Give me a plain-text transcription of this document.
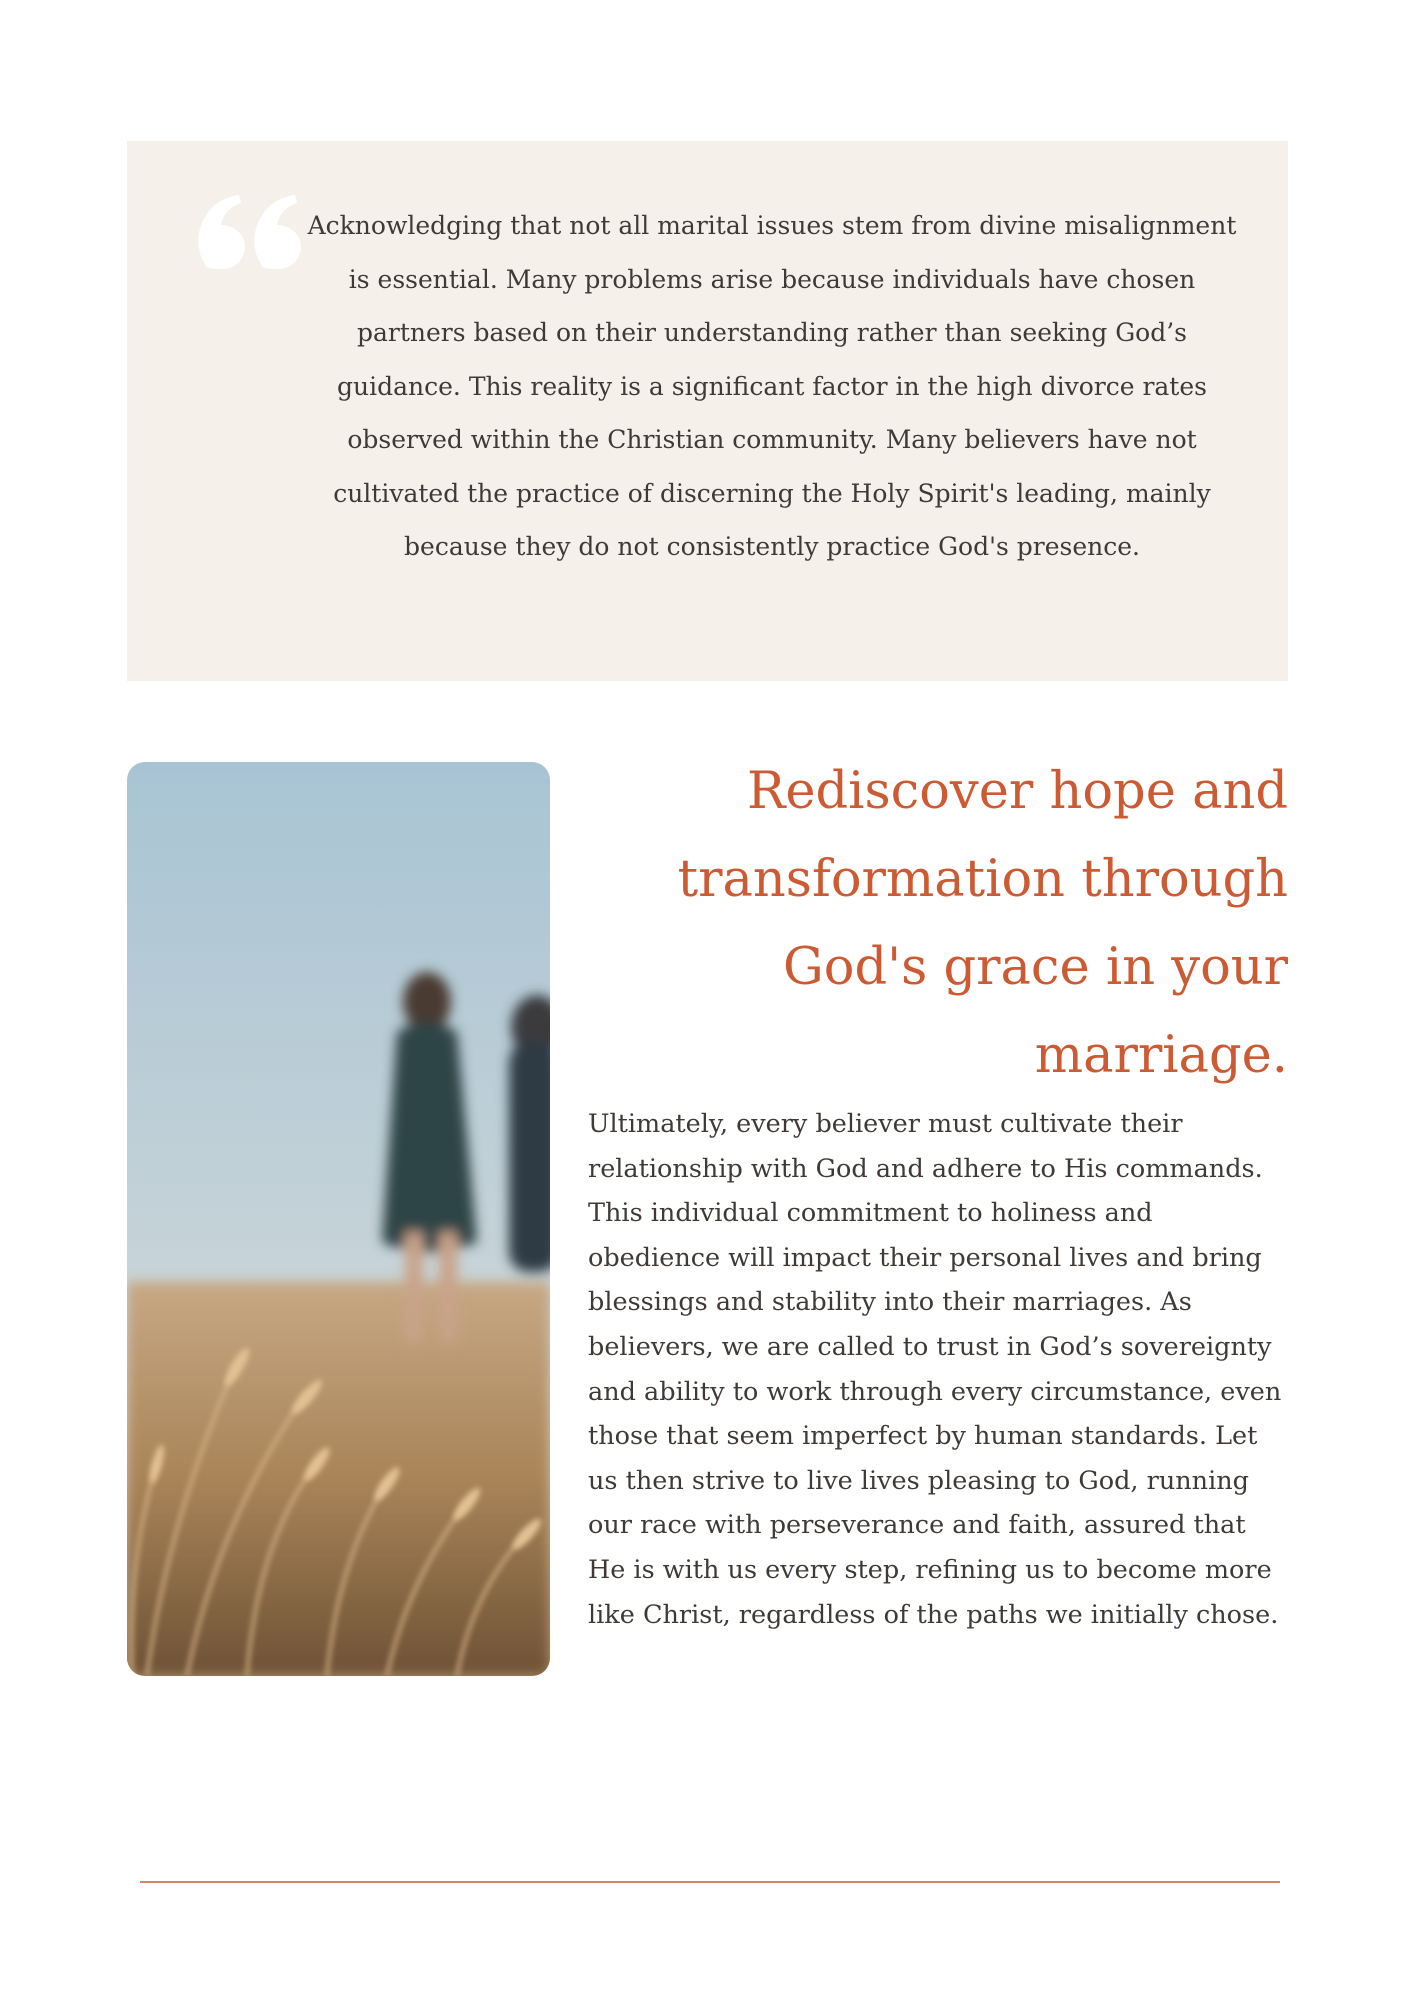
Acknowledging that not all marital issues stem from divine misalignment is essential. Many problems arise because individuals have chosen partners based on their understanding rather than seeking God’s guidance. This reality is a significant factor in the high divorce rates observed within the Christian community. Many believers have not cultivated the practice of discerning the Holy Spirit's leading, mainly because they do not consistently practice God's presence.

Rediscover hope and transformation through God's grace in your marriage.

Ultimately, every believer must cultivate their relationship with God and adhere to His commands. This individual commitment to holiness and obedience will impact their personal lives and bring blessings and stability into their marriages. As believers, we are called to trust in God’s sovereignty and ability to work through every circumstance, even those that seem imperfect by human standards. Let us then strive to live lives pleasing to God, running our race with perseverance and faith, assured that He is with us every step, refining us to become more like Christ, regardless of the paths we initially chose.
